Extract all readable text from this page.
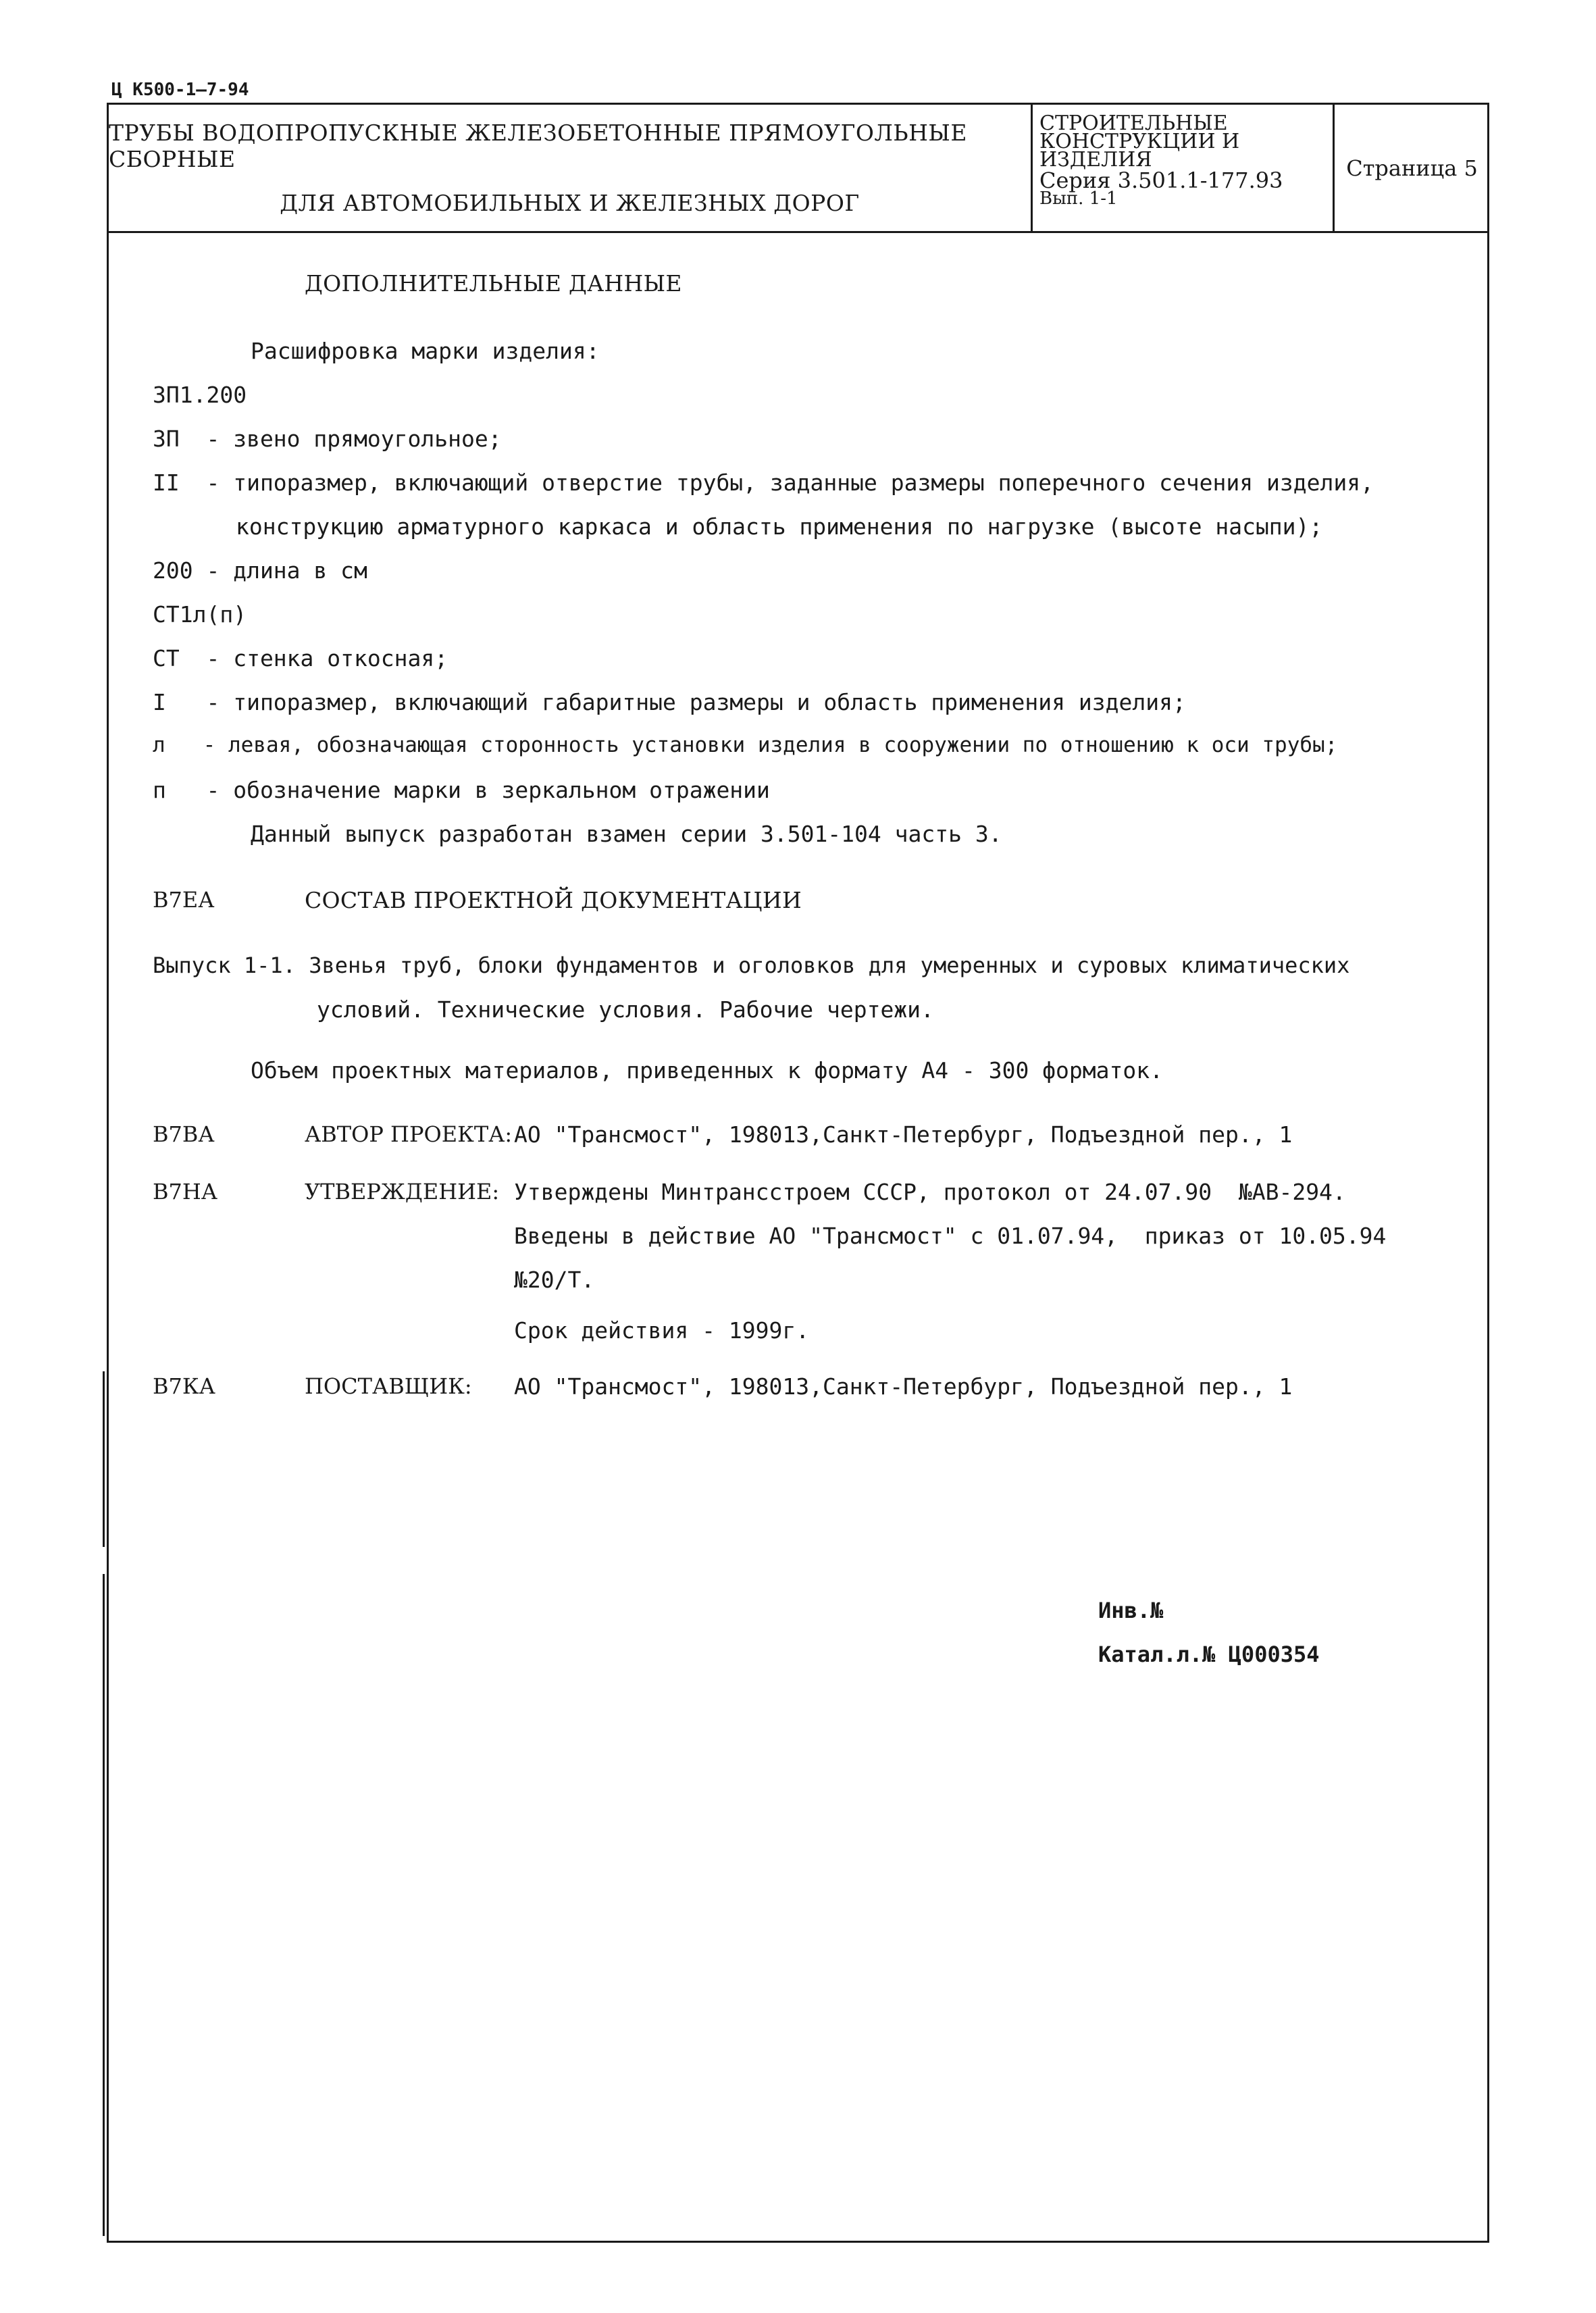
Ц К500-1—7-94
ТРУБЫ ВОДОПРОПУСКНЫЕ ЖЕЛЕЗОБЕТОННЫЕ ПРЯМОУГОЛЬНЫЕ СБОРНЫЕ
ДЛЯ АВТОМОБИЛЬНЫХ И ЖЕЛЕЗНЫХ ДОРОГ
СТРОИТЕЛЬНЫЕ
КОНСТРУКЦИИ И
ИЗДЕЛИЯ
Серия 3.501.1-177.93
Вып. 1-1
Страница 5
ДОПОЛНИТЕЛЬНЫЕ ДАННЫЕ
Расшифровка марки изделия:
ЗП1.200
ЗП  - звено прямоугольное;
II  - типоразмер, включающий отверстие трубы, заданные размеры поперечного сечения изделия,
конструкцию арматурного каркаса и область применения по нагрузке (высоте насыпи);
200 - длина в см
СТ1л(п)
СТ  - стенка откосная;
I   - типоразмер, включающий габаритные размеры и область применения изделия;
л   - левая, обозначающая сторонность установки изделия в сооружении по отношению к оси трубы;
п   - обозначение марки в зеркальном отражении
Данный выпуск разработан взамен серии 3.501-104 часть 3.
В7ЕА	СОСТАВ ПРОЕКТНОЙ ДОКУМЕНТАЦИИ
Выпуск 1-1. Звенья труб, блоки фундаментов и оголовков для умеренных и суровых климатических
условий. Технические условия. Рабочие чертежи.
Объем проектных материалов, приведенных к формату А4 - 300 форматок.
В7ВА	АВТОР ПРОЕКТА: АО "Трансмост", 198013,Санкт-Петербург, Подъездной пер., 1
В7НА	УТВЕРЖДЕНИЕ: Утверждены Минтрансстроем СССР, протокол от 24.07.90  №АВ-294.
Введены в действие АО "Трансмост" с 01.07.94,  приказ от 10.05.94
№20/Т.
Срок действия - 1999г.
В7КА	ПОСТАВЩИК: АО "Трансмост", 198013,Санкт-Петербург, Подъездной пер., 1
Инв.№
Катал.л.№ Ц000354
